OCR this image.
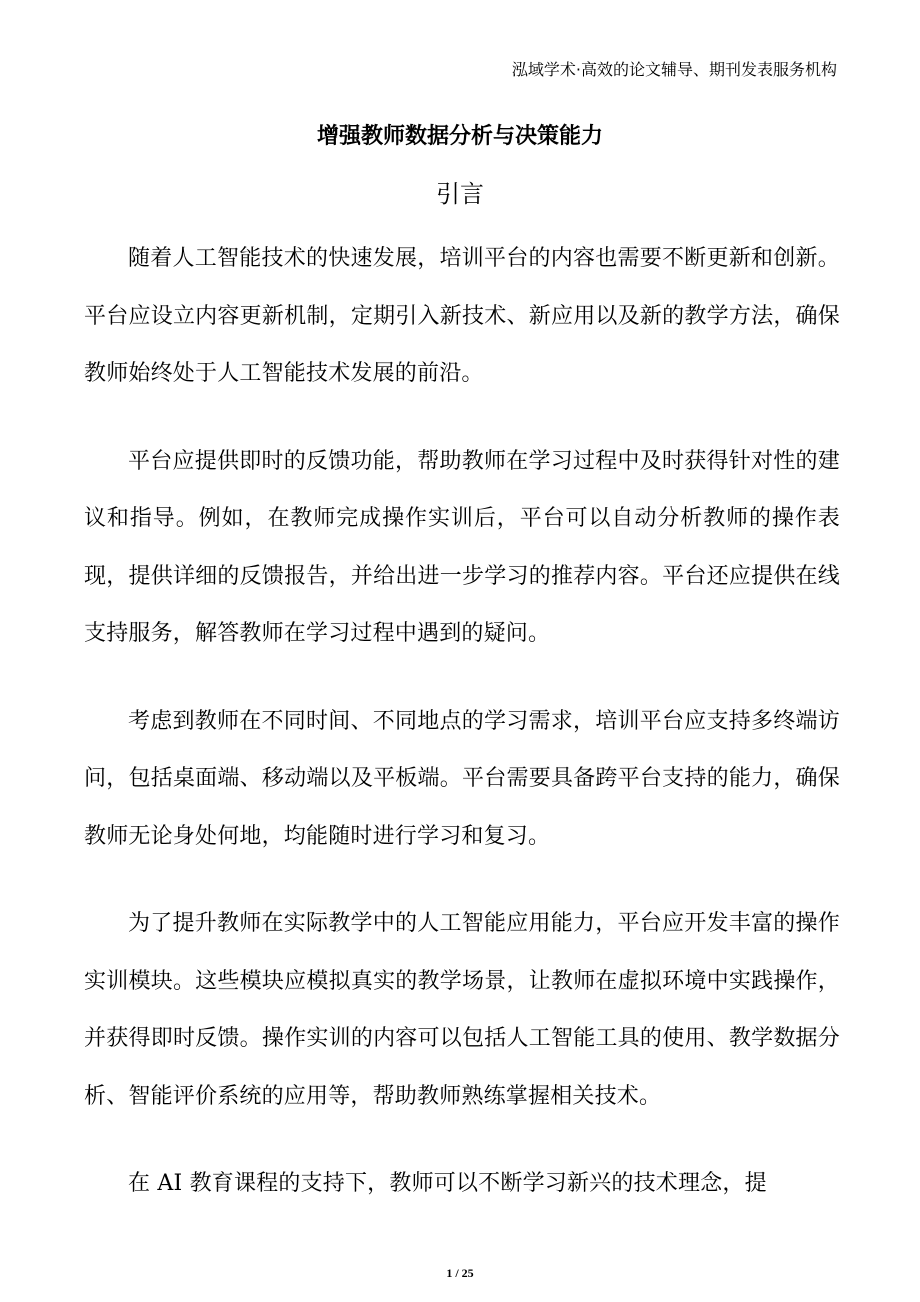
泓域学术·高效的论文辅导、期刊发表服务机构
增强教师数据分析与决策能力
引言

随着人工智能技术的快速发展，培训平台的内容也需要不断更新和创新。平台应设立内容更新机制，定期引入新技术、新应用以及新的教学方法，确保教师始终处于人工智能技术发展的前沿。

平台应提供即时的反馈功能，帮助教师在学习过程中及时获得针对性的建议和指导。例如，在教师完成操作实训后，平台可以自动分析教师的操作表现，提供详细的反馈报告，并给出进一步学习的推荐内容。平台还应提供在线支持服务，解答教师在学习过程中遇到的疑问。

考虑到教师在不同时间、不同地点的学习需求，培训平台应支持多终端访问，包括桌面端、移动端以及平板端。平台需要具备跨平台支持的能力，确保教师无论身处何地，均能随时进行学习和复习。

为了提升教师在实际教学中的人工智能应用能力，平台应开发丰富的操作实训模块。这些模块应模拟真实的教学场景，让教师在虚拟环境中实践操作，并获得即时反馈。操作实训的内容可以包括人工智能工具的使用、教学数据分析、智能评价系统的应用等，帮助教师熟练掌握相关技术。

在 AI 教育课程的支持下，教师可以不断学习新兴的技术理念，提

1 / 25
